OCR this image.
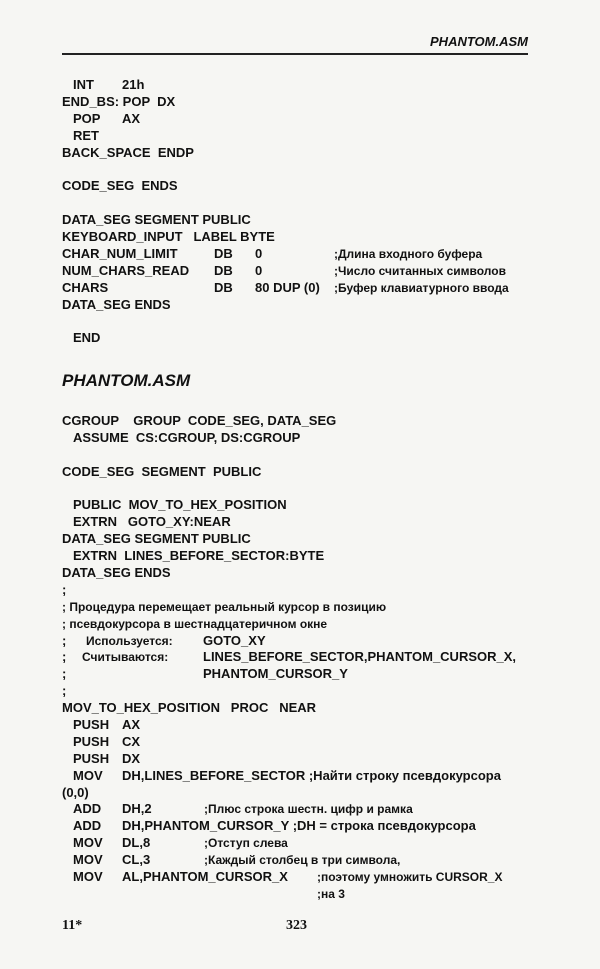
PHANTOM.ASM
INT 21h
END_BS: POP  DX
POP AX
RET
BACK_SPACE  ENDP
CODE_SEG  ENDS
DATA_SEG SEGMENT PUBLIC
KEYBOARD_INPUT   LABEL BYTE
CHAR_NUM_LIMIT	DB 0	;Длина входного буфера
NUM_CHARS_READ DB 0	;Число считанных символов
CHARS	DB 80 DUP (0) ;Буфер клавиатурного ввода
DATA_SEG ENDS
END
PHANTOM.ASM
CGROUP    GROUP  CODE_SEG, DATA_SEG
ASSUME  CS:CGROUP, DS:CGROUP
CODE_SEG  SEGMENT  PUBLIC
PUBLIC  MOV_TO_HEX_POSITION
EXTRN   GOTO_XY:NEAR
DATA_SEG SEGMENT PUBLIC
EXTRN  LINES_BEFORE_SECTOR:BYTE
DATA_SEG ENDS
;
; Процедура перемещает реальный курсор в позицию
; псевдокурсора в шестнадцатеричном окне
; Используется: GOTO_XY
; Считываются:	LINES_BEFORE_SECTOR,PHANTOM_CURSOR_X,
;	PHANTOM_CURSOR_Y
;
MOV_TO_HEX_POSITION   PROC   NEAR
PUSH AX
PUSH CX
PUSH DX
MOV DH,LINES_BEFORE_SECTOR ;Найти строку псевдокурсора
(0,0)
ADD DH,2	;Плюс строка шестн. цифр и рамка
ADD DH,PHANTOM_CURSOR_Y ;DH = строка псевдокурсора
MOV DL,8	;Отступ слева
MOV CL,3	;Каждый столбец в три символа,
MOV AL,PHANTOM_CURSOR_X ;поэтому умножить CURSOR_X
;на 3
11*	323
